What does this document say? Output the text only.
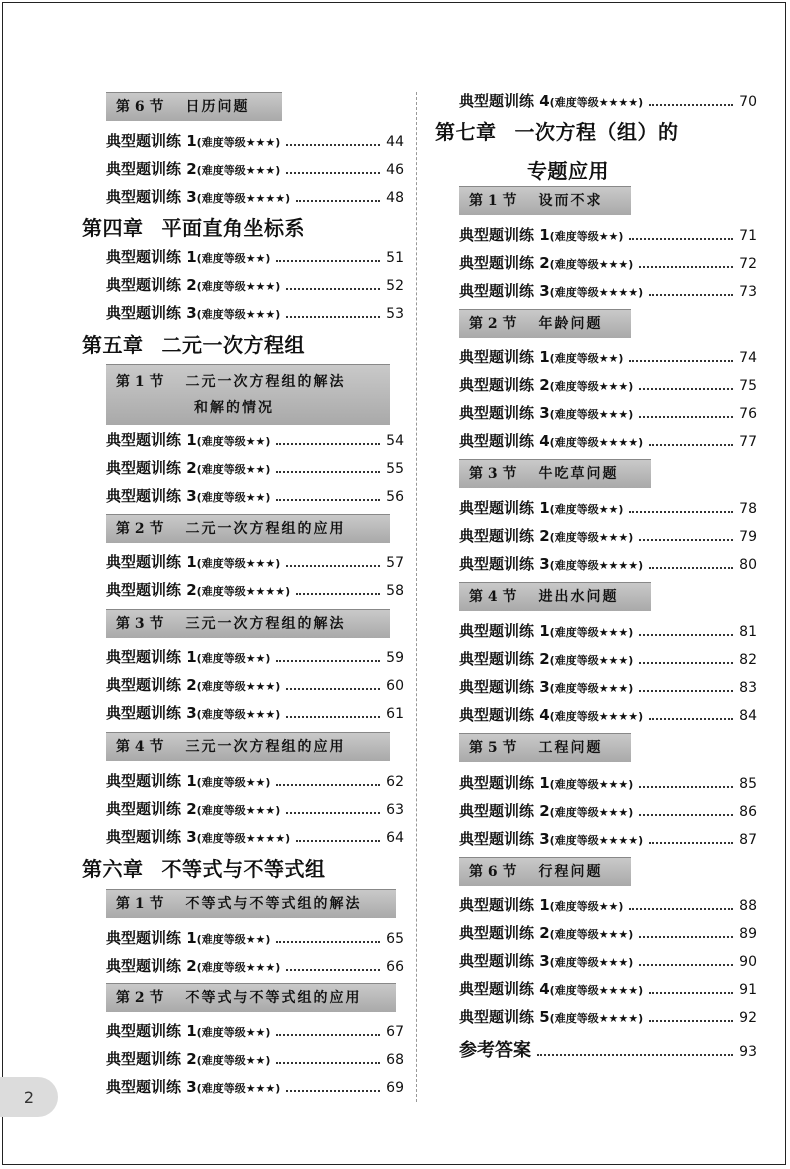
第 6 节 日历问题
典型题训练 1 (难度等级★★★)	44
典型题训练 2 (难度等级★★★)	46
典型题训练 3 (难度等级★★★★)	48
第四章 平面直角坐标系
典型题训练 1 (难度等级★★)	51
典型题训练 2 (难度等级★★★)	52
典型题训练 3 (难度等级★★★)	53
第五章 二元一次方程组
第 1 节 二元一次方程组的解法
和解的情况
典型题训练 1 (难度等级★★)	54
典型题训练 2 (难度等级★★)	55
典型题训练 3 (难度等级★★)	56
第 2 节 二元一次方程组的应用
典型题训练 1 (难度等级★★★)	57
典型题训练 2 (难度等级★★★★)	58
第 3 节 三元一次方程组的解法
典型题训练 1 (难度等级★★)	59
典型题训练 2 (难度等级★★★)	60
典型题训练 3 (难度等级★★★)	61
第 4 节 三元一次方程组的应用
典型题训练 1 (难度等级★★)	62
典型题训练 2 (难度等级★★★)	63
典型题训练 3 (难度等级★★★★)	64
第六章 不等式与不等式组
第 1 节 不等式与不等式组的解法
典型题训练 1 (难度等级★★)	65
典型题训练 2 (难度等级★★★)	66
第 2 节 不等式与不等式组的应用
典型题训练 1 (难度等级★★)	67
典型题训练 2 (难度等级★★)	68
典型题训练 3 (难度等级★★★)	69
典型题训练 4 (难度等级★★★★)	70
第七章 一次方程（组）的
专题应用
第 1 节 设而不求
典型题训练 1 (难度等级★★)	71
典型题训练 2 (难度等级★★★)	72
典型题训练 3 (难度等级★★★★)	73
第 2 节 年龄问题
典型题训练 1 (难度等级★★)	74
典型题训练 2 (难度等级★★★)	75
典型题训练 3 (难度等级★★★)	76
典型题训练 4 (难度等级★★★★)	77
第 3 节 牛吃草问题
典型题训练 1 (难度等级★★)	78
典型题训练 2 (难度等级★★★)	79
典型题训练 3 (难度等级★★★★)	80
第 4 节 进出水问题
典型题训练 1 (难度等级★★★)	81
典型题训练 2 (难度等级★★★)	82
典型题训练 3 (难度等级★★★)	83
典型题训练 4 (难度等级★★★★)	84
第 5 节 工程问题
典型题训练 1 (难度等级★★★)	85
典型题训练 2 (难度等级★★★)	86
典型题训练 3 (难度等级★★★★)	87
第 6 节 行程问题
典型题训练 1 (难度等级★★)	88
典型题训练 2 (难度等级★★★)	89
典型题训练 3 (难度等级★★★)	90
典型题训练 4 (难度等级★★★★)	91
典型题训练 5 (难度等级★★★★)	92
参考答案	93
2
